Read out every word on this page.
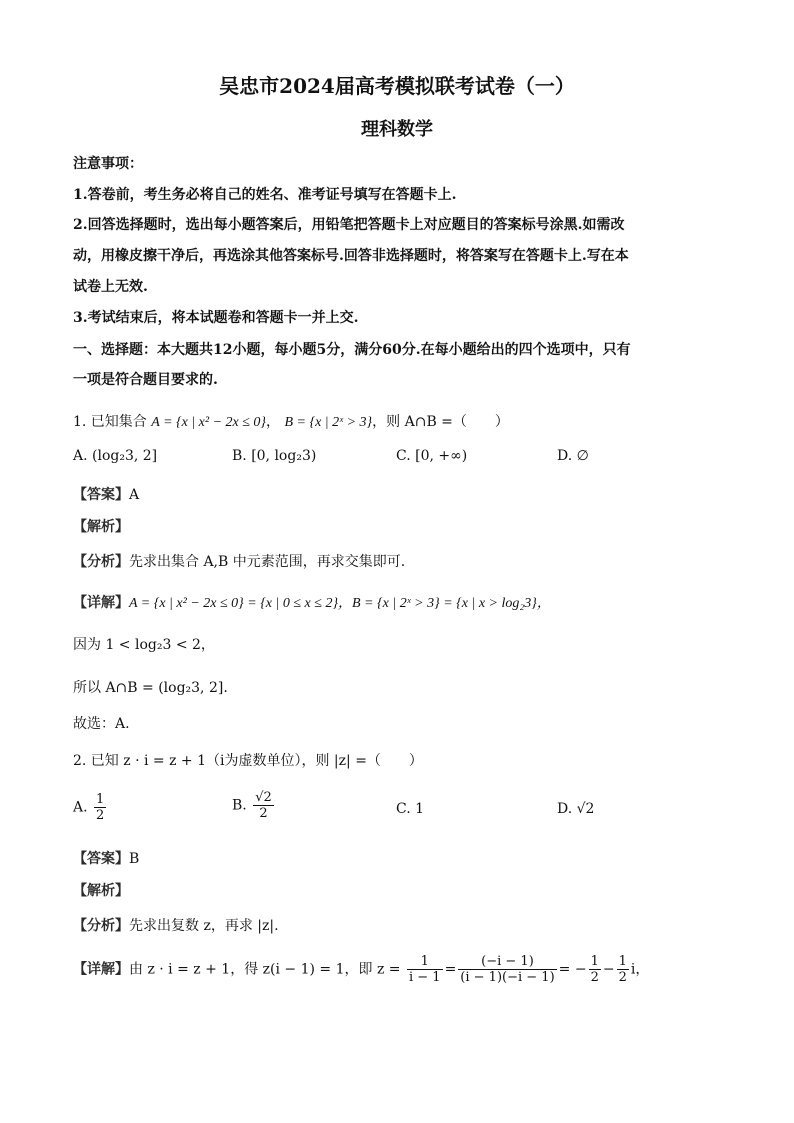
吴忠市2024届高考模拟联考试卷（一）
理科数学
注意事项：
1.答卷前，考生务必将自己的姓名、准考证号填写在答题卡上.
2.回答选择题时，选出每小题答案后，用铅笔把答题卡上对应题目的答案标号涂黑.如需改
动，用橡皮擦干净后，再选涂其他答案标号.回答非选择题时，将答案写在答题卡上.写在本
试卷上无效.
3.考试结束后，将本试题卷和答题卡一并上交.
一、选择题：本大题共12小题，每小题5分，满分60分.在每小题给出的四个选项中，只有
一项是符合题目要求的.
1. 已知集合 A = {x | x² − 2x ≤ 0}， B = {x | 2ˣ > 3}，则 A∩B =（　　）
A. (log₂3, 2]	B. [0, log₂3)	C. [0, +∞)	D. ∅
【答案】A
【解析】
【分析】先求出集合 A,B 中元素范围，再求交集即可.
【详解】A = {x | x² − 2x ≤ 0} = {x | 0 ≤ x ≤ 2}，B = {x | 2ˣ > 3} = {x | x > log₂3}，
因为 1 < log₂3 < 2，
所以 A∩B = (log₂3, 2].
故选：A.
2. 已知 z · i = z + 1（i为虚数单位），则 |z| =（　　）
A. $\frac{1}{2}$	B. $\frac{√2}{2}$	C. 1	D. √2
【答案】B
【解析】
【分析】先求出复数 z，再求 |z|.
【详解】由 z · i = z + 1，得 z(i − 1) = 1，即 $z = \frac{1}{i - 1} = \frac{(-i - 1)}{(i - 1)(-i - 1)}$ = − $\frac{1}{2} - \frac{1}{2}$ i，
